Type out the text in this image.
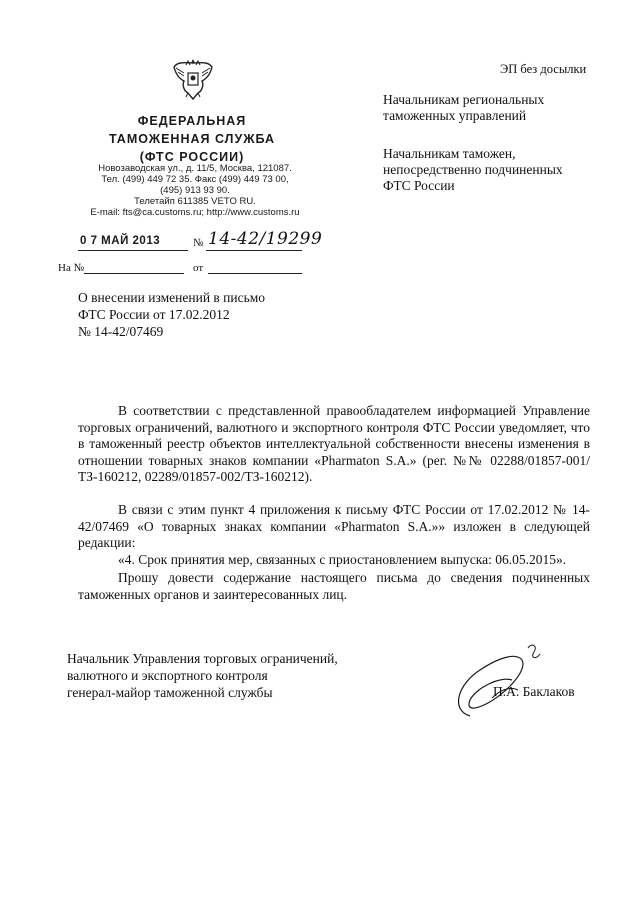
ФЕДЕРАЛЬНАЯ
ТАМОЖЕННАЯ СЛУЖБА
(ФТС РОССИИ)
Новозаводская ул., д. 11/5, Москва, 121087.
Тел. (499) 449 72 35. Факс (499) 449 73 00,
(495) 913 93 90.
Телетайп 611385 VETO RU.
E-mail: fts@ca.customs.ru; http://www.customs.ru
0 7 МАЙ 2013	№ 14-42/19299
На №	от
ЭП без досылки
Начальникам региональных
таможенных управлений
Начальникам таможен,
непосредственно подчиненных
ФТС России
О внесении изменений в письмо
ФТС России от 17.02.2012
№ 14-42/07469

В соответствии с представленной правообладателем информацией Управление торговых ограничений, валютного и экспортного контроля ФТС России уведомляет, что в таможенный реестр объектов интеллектуальной собственности внесены изменения в отношении товарных знаков компании «Pharmaton S.A.» (рег. №№ 02288/01857-001/ТЗ-160212, 02289/01857-002/ТЗ-160212).

В связи с этим пункт 4 приложения к письму ФТС России от 17.02.2012 № 14-42/07469 «О товарных знаках компании «Pharmaton S.A.»» изложен в следующей редакции:

«4. Срок принятия мер, связанных с приостановлением выпуска: 06.05.2015».

Прошу довести содержание настоящего письма до сведения подчиненных таможенных органов и заинтересованных лиц.

Начальник Управления торговых ограничений,
валютного и экспортного контроля
генерал-майор таможенной службы	П.А. Баклаков
